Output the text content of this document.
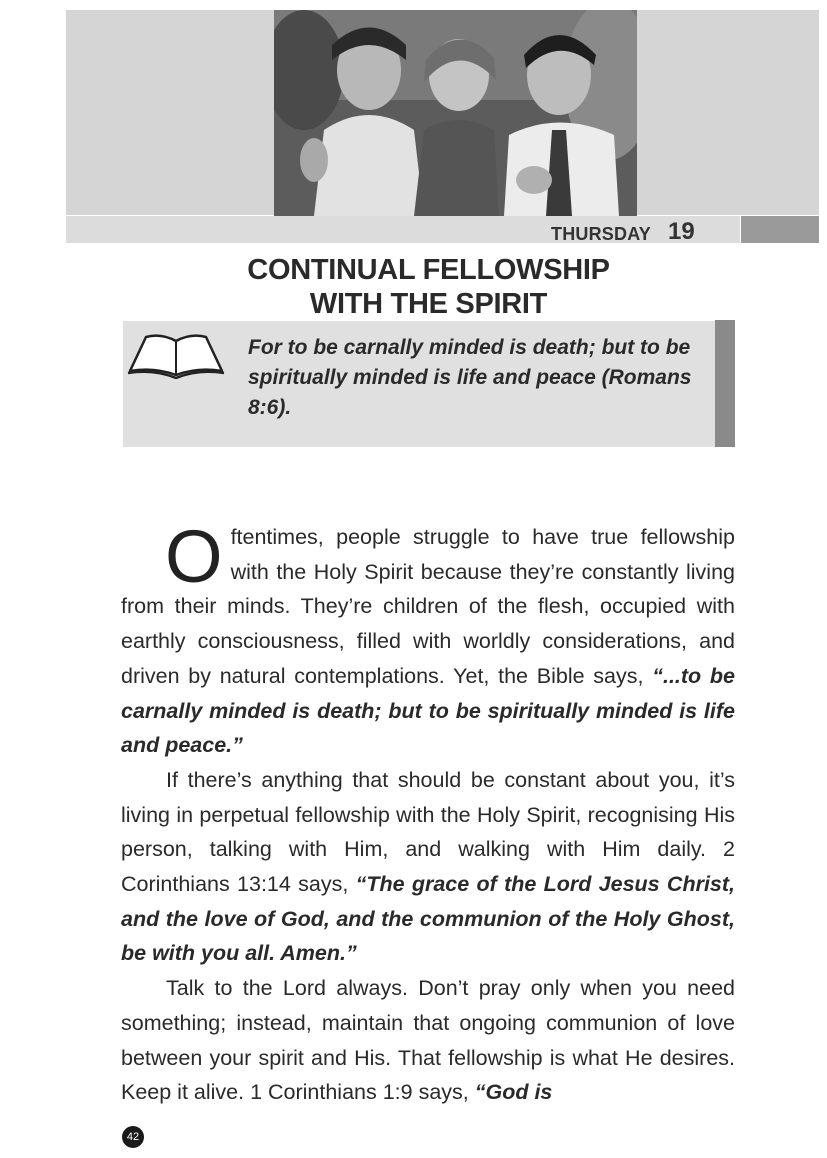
THURSDAY 19
CONTINUAL FELLOWSHIP
WITH THE SPIRIT
For to be carnally minded is death; but to be spiritually minded is life and peace (Romans 8:6).

Oftentimes, people struggle to have true fellowship with the Holy Spirit because they’re constantly living from their minds. They’re children of the flesh, occupied with earthly consciousness, filled with worldly considerations, and driven by natural contemplations. Yet, the Bible says, “...to be carnally minded is death; but to be spiritually minded is life and peace.”

If there’s anything that should be constant about you, it’s living in perpetual fellowship with the Holy Spirit, recognising His person, talking with Him, and walking with Him daily. 2 Corinthians 13:14 says, “The grace of the Lord Jesus Christ, and the love of God, and the communion of the Holy Ghost, be with you all. Amen.”

Talk to the Lord always. Don’t pray only when you need something; instead, maintain that ongoing communion of love between your spirit and His. That fellowship is what He desires. Keep it alive. 1 Corinthians 1:9 says, “God is

42
